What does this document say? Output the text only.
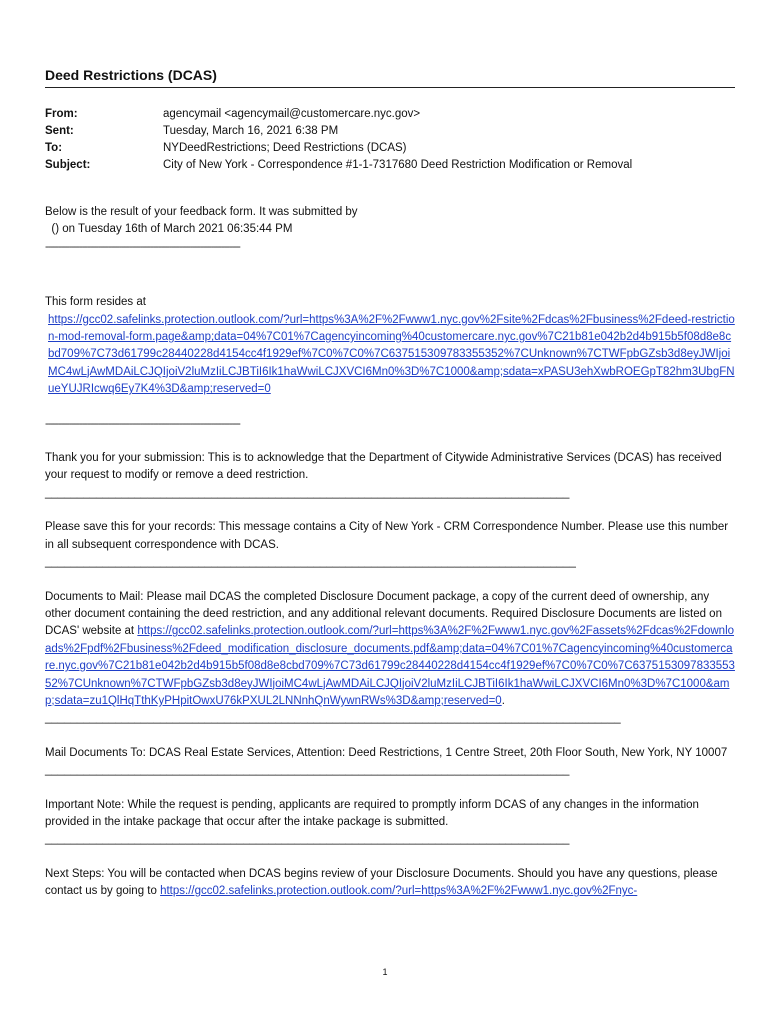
Deed Restrictions (DCAS)
From:	agencymail <agencymail@customercare.nyc.gov>
Sent:	Tuesday, March 16, 2021 6:38 PM
To:	NYDeedRestrictions; Deed Restrictions (DCAS)
Subject:	City of New York - Correspondence #1-1-7317680 Deed Restriction Modification or Removal

Below is the result of your feedback form. It was submitted by

() on Tuesday 16th of March 2021 06:35:44 PM

--------------------------------------------------------------------------

This form resides at

https://gcc02.safelinks.protection.outlook.com/?url=https%3A%2F%2Fwww1.nyc.gov%2Fsite%2Fdcas%2Fbusiness%2Fdeed-restriction-mod-removal-form.page&amp;data=04%7C01%7Cagencyincoming%40customercare.nyc.gov%7C21b81e042b2d4b915b5f08d8e8cbd709%7C73d61799c28440228d4154cc4f1929ef%7C0%7C0%7C637515309783355352%7CUnknown%7CTWFpbGZsb3d8eyJWIjoiMC4wLjAwMDAiLCJQIjoiV2luMzIiLCJBTiI6Ik1haWwiLCJXVCI6Mn0%3D%7C1000&amp;sdata=xPASU3ehXwbROEGpT82hm3UbgFNueYUJRIcwq6Ey7K4%3D&amp;reserved=0

--------------------------------------------------------------------------

Thank you for your submission: This is to acknowledge that the Department of Citywide Administrative Services (DCAS) has received your request to modify or remove a deed restriction. __________________________________________________________________________________

Please save this for your records: This message contains a City of New York - CRM Correspondence Number. Please use this number in all subsequent correspondence with DCAS. ___________________________________________________________________________________

Documents to Mail: Please mail DCAS the completed Disclosure Document package, a copy of the current deed of ownership, any other document containing the deed restriction, and any additional relevant documents. Required Disclosure Documents are listed on DCAS' website at https://gcc02.safelinks.protection.outlook.com/?url=https%3A%2F%2Fwww1.nyc.gov%2Fassets%2Fdcas%2Fdownloads%2Fpdf%2Fbusiness%2Fdeed_modification_disclosure_documents.pdf&amp;data=04%7C01%7Cagencyincoming%40customercare.nyc.gov%7C21b81e042b2d4b915b5f08d8e8cbd709%7C73d61799c28440228d4154cc4f1929ef%7C0%7C0%7C637515309783355352%7CUnknown%7CTWFpbGZsb3d8eyJWIjoiMC4wLjAwMDAiLCJQIjoiV2luMzIiLCJBTiI6Ik1haWwiLCJXVCI6Mn0%3D%7C1000&amp;sdata=zu1QlHqTthKyPHpitOwxU76kPXUL2LNNnhQnWywnRWs%3D&amp;reserved=0. __________________________________________________________________________________________

Mail Documents To: DCAS Real Estate Services, Attention: Deed Restrictions, 1 Centre Street, 20th Floor South, New York, NY 10007 __________________________________________________________________________________

Important Note: While the request is pending, applicants are required to promptly inform DCAS of any changes in the information provided in the intake package that occur after the intake package is submitted. __________________________________________________________________________________

Next Steps: You will be contacted when DCAS begins review of your Disclosure Documents. Should you have any questions, please contact us by going to https://gcc02.safelinks.protection.outlook.com/?url=https%3A%2F%2Fwww1.nyc.gov%2Fnyc-

1
